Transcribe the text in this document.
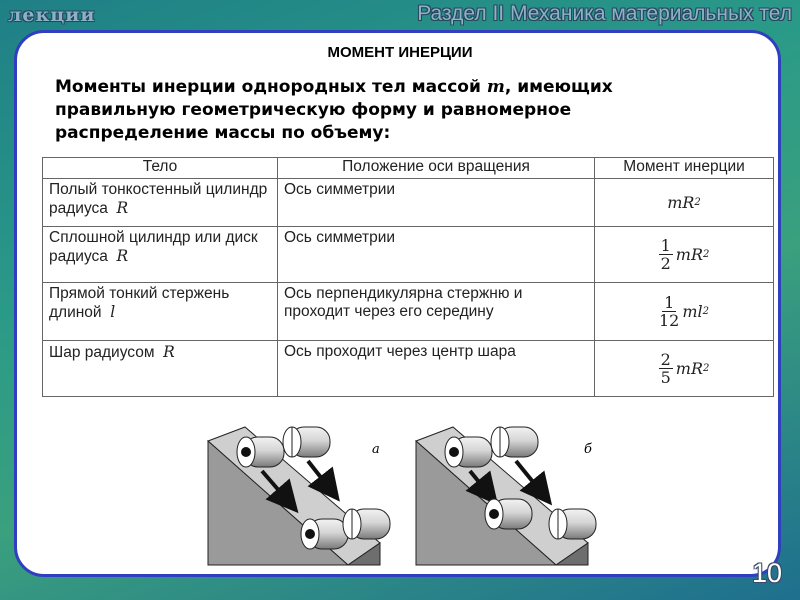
лекции	Раздел II Механика материальных тел
МОМЕНТ ИНЕРЦИИ
Моменты инерции однородных тел массой m, имеющих правильную геометрическую форму и равномерное распределение массы по объему:
Тело	Положение оси вращения	Момент инерции
Полый тонкостенный цилиндр радиуса R	Ось симметрии	mR 2

Сплошной цилиндр или диск радиуса R	Ось симметрии	$\frac{1}{2}$ mR 2

Прямой тонкий стержень длиной l	Ось перпендикулярна стержню и проходит через его середину	$\frac{1}{12}$ ml 2

Шар радиусом R	Ось проходит через центр шара	$\frac{2}{5}$ mR 2
а	б
10
